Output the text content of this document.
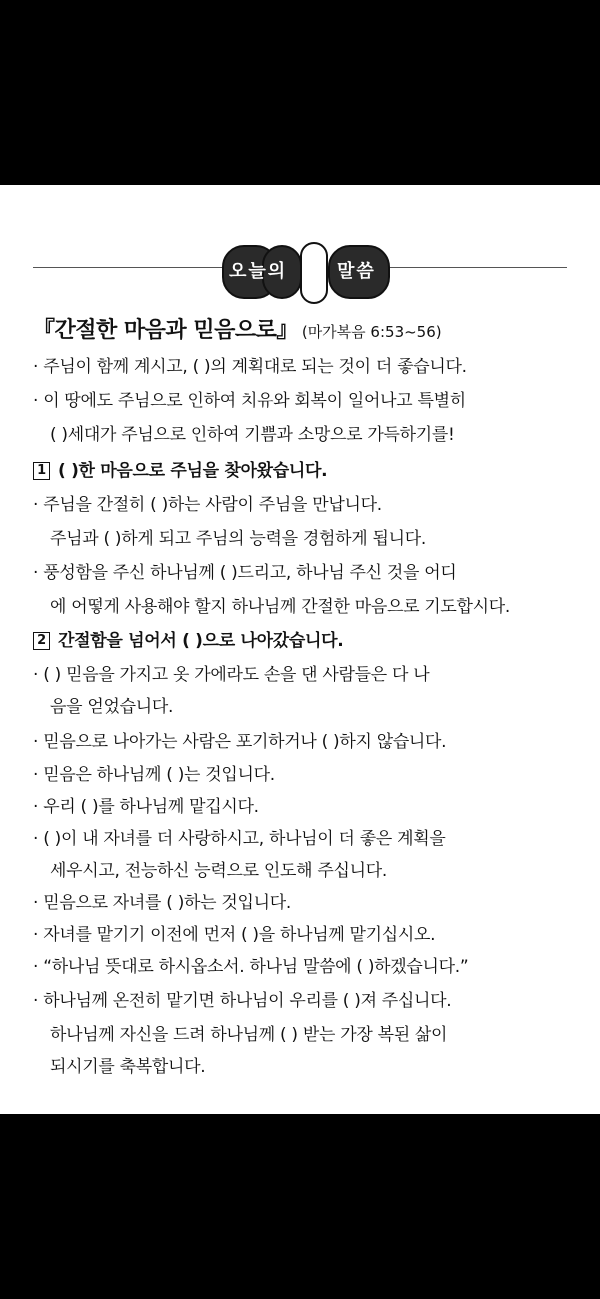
오늘의	말씀
『간절한 마음과 믿음으로』 (마가복음 6:53~56)
· 주님이 함께 계시고, ( )의 계획대로 되는 것이 더 좋습니다.
· 이 땅에도 주님으로 인하여 치유와 회복이 일어나고 특별히
( )세대가 주님으로 인하여 기쁨과 소망으로 가득하기를!
1 ( )한 마음으로 주님을 찾아왔습니다.
· 주님을 간절히 ( )하는 사람이 주님을 만납니다.
주님과 ( )하게 되고 주님의 능력을 경험하게 됩니다.
· 풍성함을 주신 하나님께 ( )드리고, 하나님 주신 것을 어디
에 어떻게 사용해야 할지 하나님께 간절한 마음으로 기도합시다.
2 간절함을 넘어서 ( )으로 나아갔습니다.
· ( ) 믿음을 가지고 옷 가에라도 손을 댄 사람들은 다 나
음을 얻었습니다.
· 믿음으로 나아가는 사람은 포기하거나 ( )하지 않습니다.
· 믿음은 하나님께 ( )는 것입니다.
· 우리 ( )를 하나님께 맡깁시다.
· ( )이 내 자녀를 더 사랑하시고, 하나님이 더 좋은 계획을
세우시고, 전능하신 능력으로 인도해 주십니다.
· 믿음으로 자녀를 ( )하는 것입니다.
· 자녀를 맡기기 이전에 먼저 ( )을 하나님께 맡기십시오.
· “하나님 뜻대로 하시옵소서. 하나님 말씀에 ( )하겠습니다.”
· 하나님께 온전히 맡기면 하나님이 우리를 ( )져 주십니다.
하나님께 자신을 드려 하나님께 ( ) 받는 가장 복된 삶이
되시기를 축복합니다.
